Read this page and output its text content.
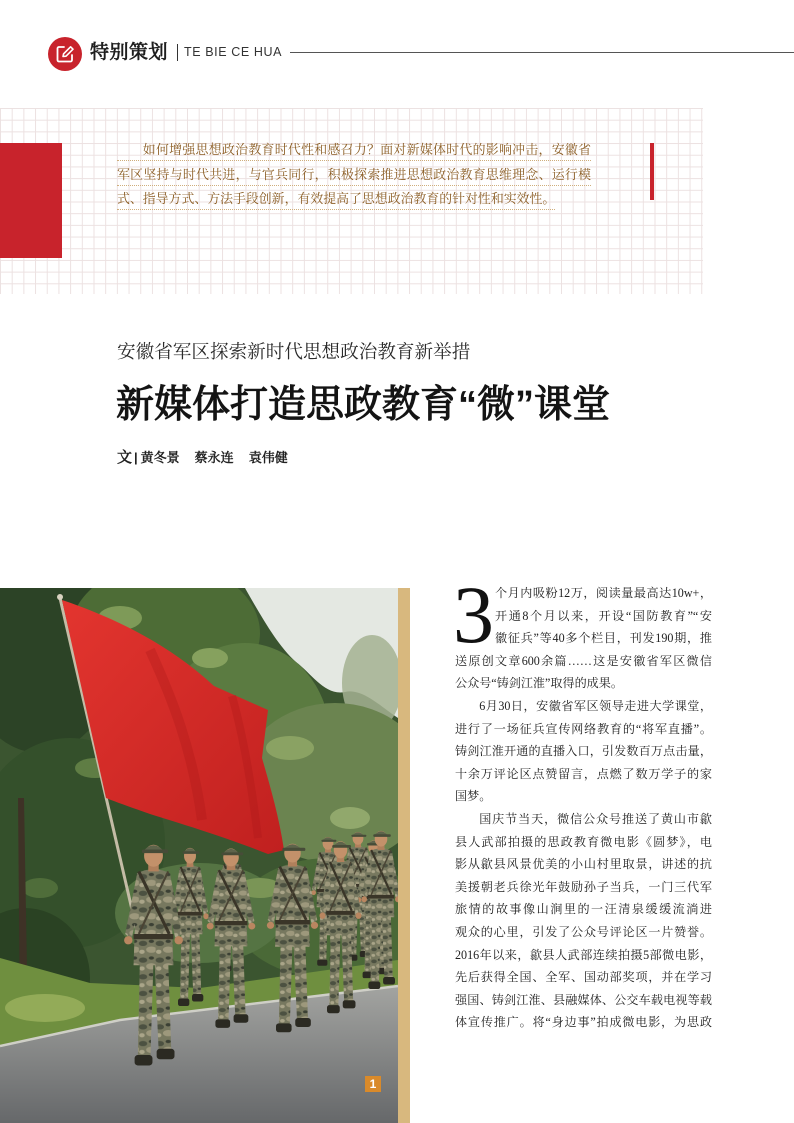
特别策划 TE BIE CE HUA
如何增强思想政治教育时代性和感召力？面对新媒体时代的影响冲击，安徽省
军区坚持与时代共进，与官兵同行，积极探索推进思想政治教育思维理念、运行模
式、指导方式、方法手段创新，有效提高了思想政治教育的针对性和实效性。
安徽省军区探索新时代思想政治教育新举措
新媒体打造思政教育“微”课堂
文 | 黄冬景 蔡永连 袁伟健
1
3 个月内吸粉12万，阅读量最高达10w+，
开通8个月以来，开设“国防教育”“安
徽征兵”等40多个栏目，刊发190期，推
送原创文章600余篇……这是安徽省军区微信
公众号“铸剑江淮”取得的成果。
6月30日，安徽省军区领导走进大学课堂，
进行了一场征兵宣传网络教育的“将军直播”。
铸剑江淮开通的直播入口，引发数百万点击量，
十余万评论区点赞留言，点燃了数万学子的家
国梦。
国庆节当天，微信公众号推送了黄山市歙
县人武部拍摄的思政教育微电影《圆梦》，电
影从歙县风景优美的小山村里取景，讲述的抗
美援朝老兵徐光年鼓励孙子当兵，一门三代军
旅情的故事像山涧里的一汪清泉缓缓流淌进
观众的心里，引发了公众号评论区一片赞誉。
2016年以来，歙县人武部连续拍摄5部微电影，
先后获得全国、全军、国动部奖项，并在学习
强国、铸剑江淮、县融媒体、公交车载电视等载
体宣传推广。将“身边事”拍成微电影，为思政
